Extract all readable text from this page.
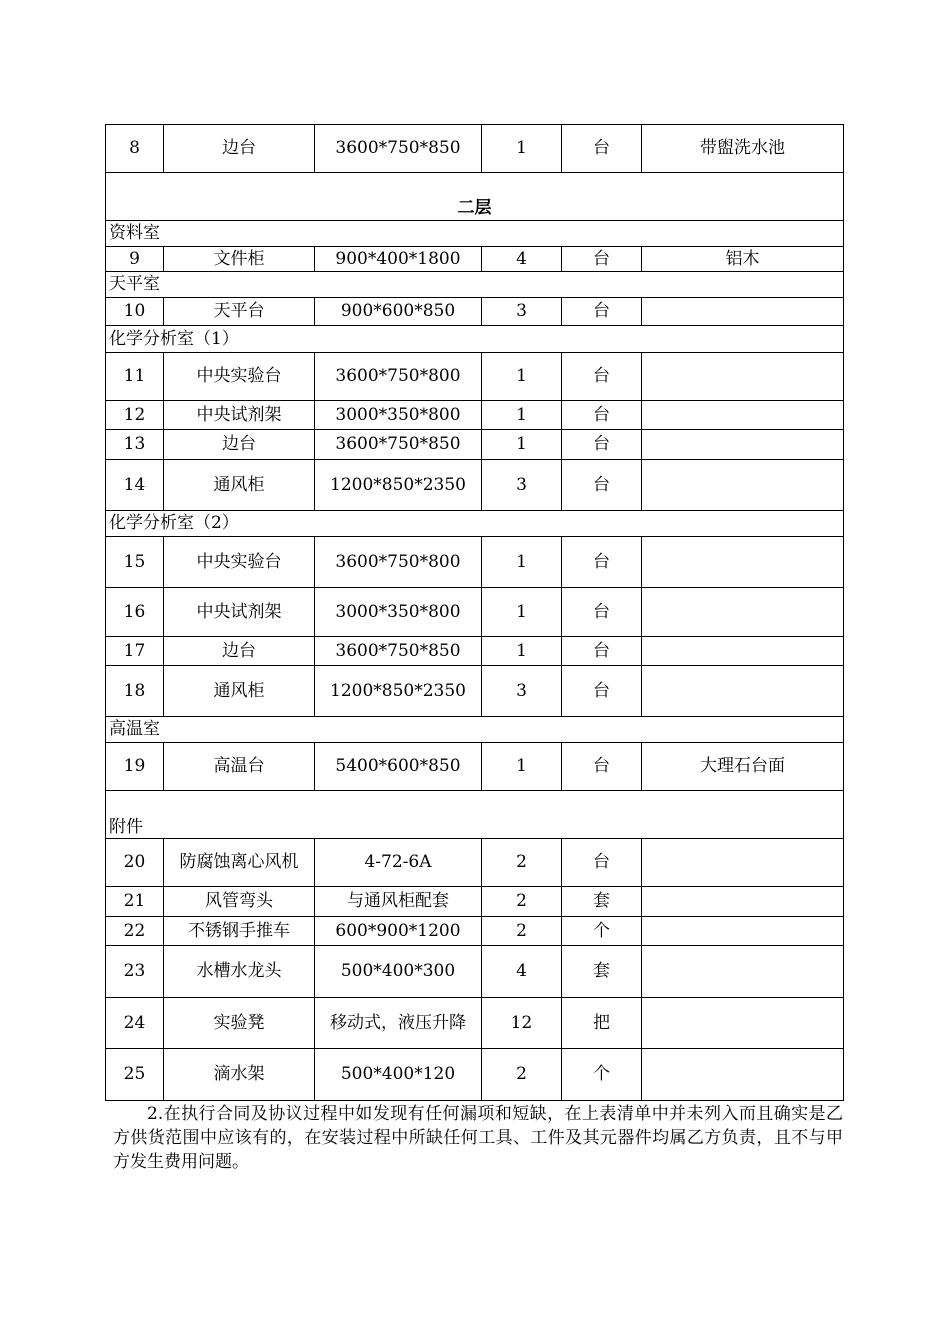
8	边台	3600*750*850	1	台	带盥洗水池
二层					
资料室					
9	文件柜	900*400*1800	4	台	铝木
天平室					
10	天平台	900*600*850	3	台	
化学分析室（1）					
11	中央实验台	3600*750*800	1	台	
12	中央试剂架	3000*350*800	1	台	
13	边台	3600*750*850	1	台	
14	通风柜	1200*850*2350	3	台	
化学分析室（2）					
15	中央实验台	3600*750*800	1	台	
16	中央试剂架	3000*350*800	1	台	
17	边台	3600*750*850	1	台	
18	通风柜	1200*850*2350	3	台	
高温室					
19	高温台	5400*600*850	1	台	大理石台面
附件					
20	防腐蚀离心风机	4-72-6A	2	台	
21	风管弯头	与通风柜配套	2	套	
22	不锈钢手推车	600*900*1200	2	个	
23	水槽水龙头	500*400*300	4	套	
24	实验凳	移动式，液压升降	12	把	
25	滴水架	500*400*120	2	个	

2.在执行合同及协议过程中如发现有任何漏项和短缺，在上表清单中并未列入而且确实是乙方供货范围中应该有的，在安装过程中所缺任何工具、工件及其元器件均属乙方负责，且不与甲方发生费用问题。
